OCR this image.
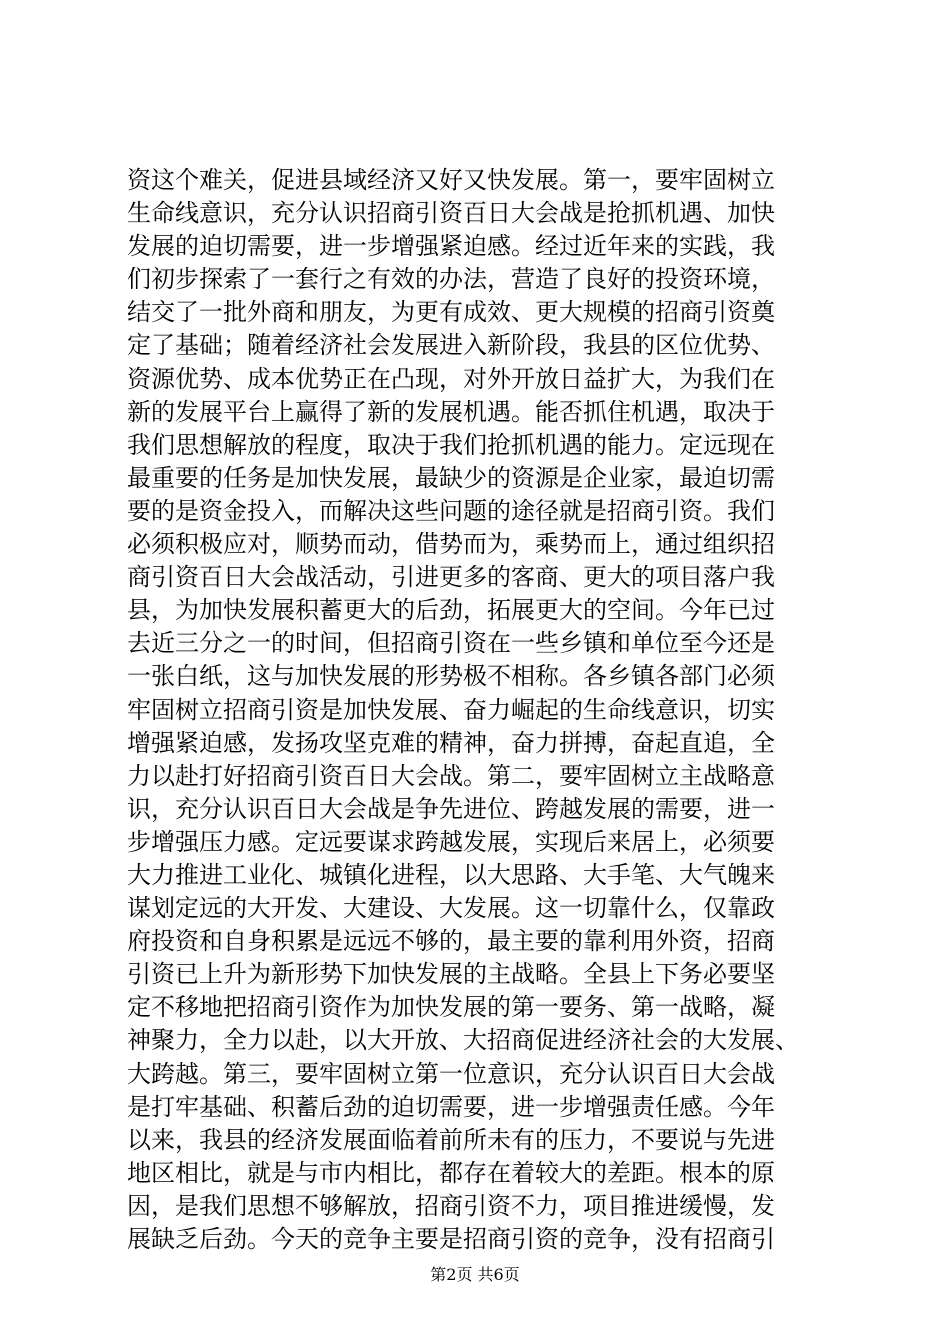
资这个难关，促进县域经济又好又快发展。第一，要牢固树立
生命线意识，充分认识招商引资百日大会战是抢抓机遇、加快
发展的迫切需要，进一步增强紧迫感。经过近年来的实践，我
们初步探索了一套行之有效的办法，营造了良好的投资环境，
结交了一批外商和朋友，为更有成效、更大规模的招商引资奠
定了基础；随着经济社会发展进入新阶段，我县的区位优势、
资源优势、成本优势正在凸现，对外开放日益扩大，为我们在
新的发展平台上赢得了新的发展机遇。能否抓住机遇，取决于
我们思想解放的程度，取决于我们抢抓机遇的能力。定远现在
最重要的任务是加快发展，最缺少的资源是企业家，最迫切需
要的是资金投入，而解决这些问题的途径就是招商引资。我们
必须积极应对，顺势而动，借势而为，乘势而上，通过组织招
商引资百日大会战活动，引进更多的客商、更大的项目落户我
县，为加快发展积蓄更大的后劲，拓展更大的空间。今年已过
去近三分之一的时间，但招商引资在一些乡镇和单位至今还是
一张白纸，这与加快发展的形势极不相称。各乡镇各部门必须
牢固树立招商引资是加快发展、奋力崛起的生命线意识，切实
增强紧迫感，发扬攻坚克难的精神，奋力拼搏，奋起直追，全
力以赴打好招商引资百日大会战。第二，要牢固树立主战略意
识，充分认识百日大会战是争先进位、跨越发展的需要，进一
步增强压力感。定远要谋求跨越发展，实现后来居上，必须要
大力推进工业化、城镇化进程，以大思路、大手笔、大气魄来
谋划定远的大开发、大建设、大发展。这一切靠什么，仅靠政
府投资和自身积累是远远不够的，最主要的靠利用外资，招商
引资已上升为新形势下加快发展的主战略。全县上下务必要坚
定不移地把招商引资作为加快发展的第一要务、第一战略，凝
神聚力，全力以赴，以大开放、大招商促进经济社会的大发展、
大跨越。第三，要牢固树立第一位意识，充分认识百日大会战
是打牢基础、积蓄后劲的迫切需要，进一步增强责任感。今年
以来，我县的经济发展面临着前所未有的压力，不要说与先进
地区相比，就是与市内相比，都存在着较大的差距。根本的原
因，是我们思想不够解放，招商引资不力，项目推进缓慢，发
展缺乏后劲。今天的竞争主要是招商引资的竞争，没有招商引
第2页 共6页
